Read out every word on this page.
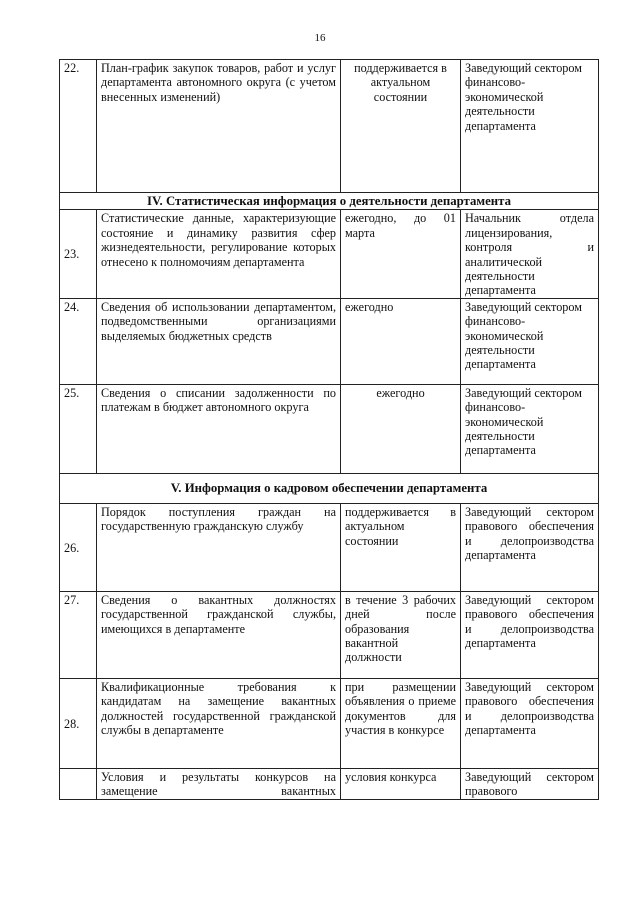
16
22.	План-график закупок товаров, работ и услуг департамента автономного округа (с учетом внесенных изменений)	поддерживается в актуальном состоянии	Заведующий сектором финансово-экономической деятельности департамента
IV. Статистическая информация о деятельности департамента			
23.	Статистические данные, характеризующие состояние и динамику развития сфер жизнедеятельности, регулирование которых отнесено к полномочиям департамента	ежегодно, до 01 марта	Начальник отдела лицензирования, контроля и аналитической деятельности департамента
24.	Сведения об использовании департаментом, подведомственными организациями выделяемых бюджетных средств	ежегодно	Заведующий сектором финансово-экономической деятельности департамента
25.	Сведения о списании задолженности по платежам в бюджет автономного округа	ежегодно	Заведующий сектором финансово-экономической деятельности департамента
V. Информация о кадровом обеспечении департамента			
26.	Порядок поступления граждан на государственную гражданскую службу	поддерживается в актуальном состоянии	Заведующий сектором правового обеспечения и делопроизводства департамента
27.	Сведения о вакантных должностях государственной гражданской службы, имеющихся в департаменте	в течение 3 рабочих дней после образования вакантной должности	Заведующий сектором правового обеспечения и делопроизводства департамента
28.	Квалификационные требования к кандидатам на замещение вакантных должностей государственной гражданской службы в департаменте	при размещении объявления о приеме документов для участия в конкурсе	Заведующий сектором правового обеспечения и делопроизводства департамента
	Условия и результаты конкурсов на замещение вакантных	условия конкурса	Заведующий сектором правового
